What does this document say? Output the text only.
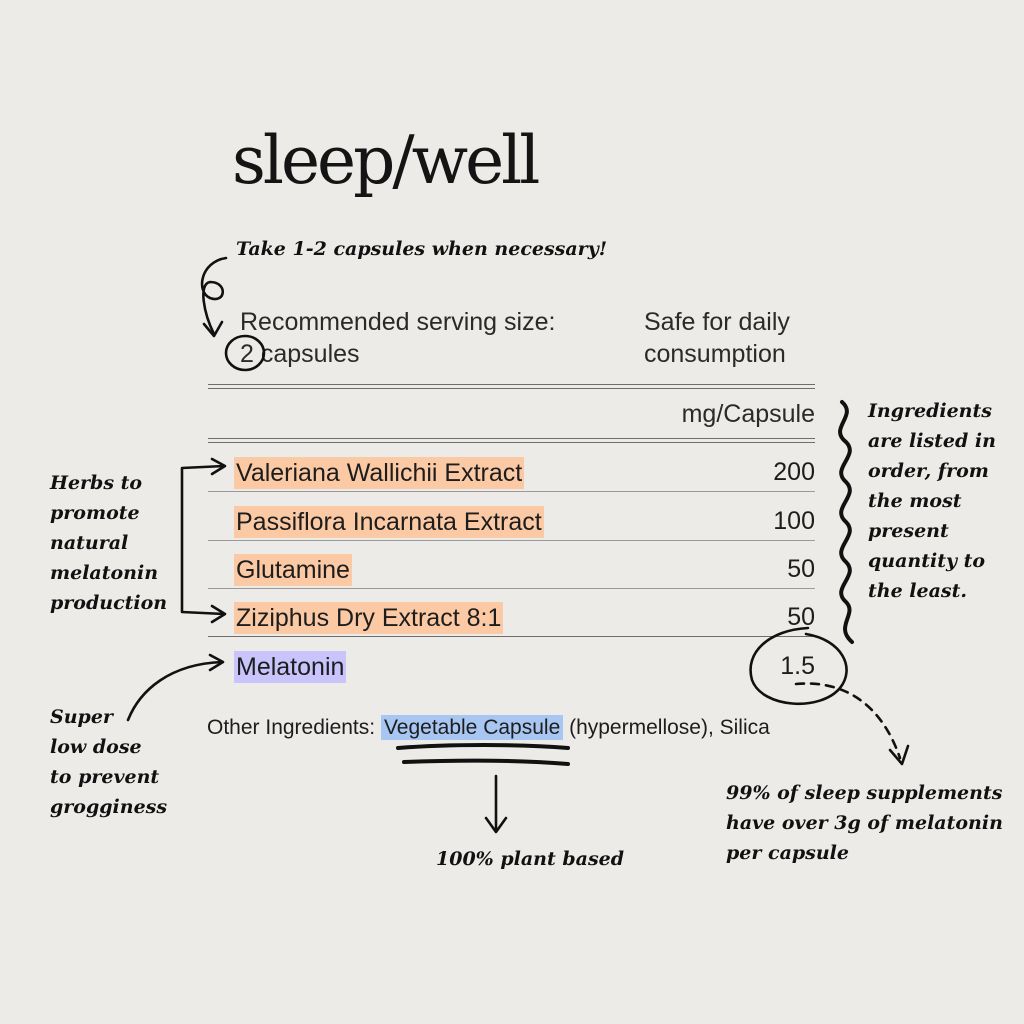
sleep/well
Take 1-2 capsules when necessary!
Recommended serving size:
2 capsules
Safe for daily
consumption
mg/Capsule
Valeriana Wallichii Extract	200
Passiflora Incarnata Extract	100
Glutamine	50
Ziziphus Dry Extract 8:1	50
Melatonin	1.5
Other Ingredients: Vegetable Capsule (hypermellose), Silica
Herbs to
promote
natural
melatonin
production
Super
low dose
to prevent
grogginess
Ingredients
are listed in
order, from
the most
present
quantity to
the least.
100% plant based
99% of sleep supplements
have over 3g of melatonin
per capsule
